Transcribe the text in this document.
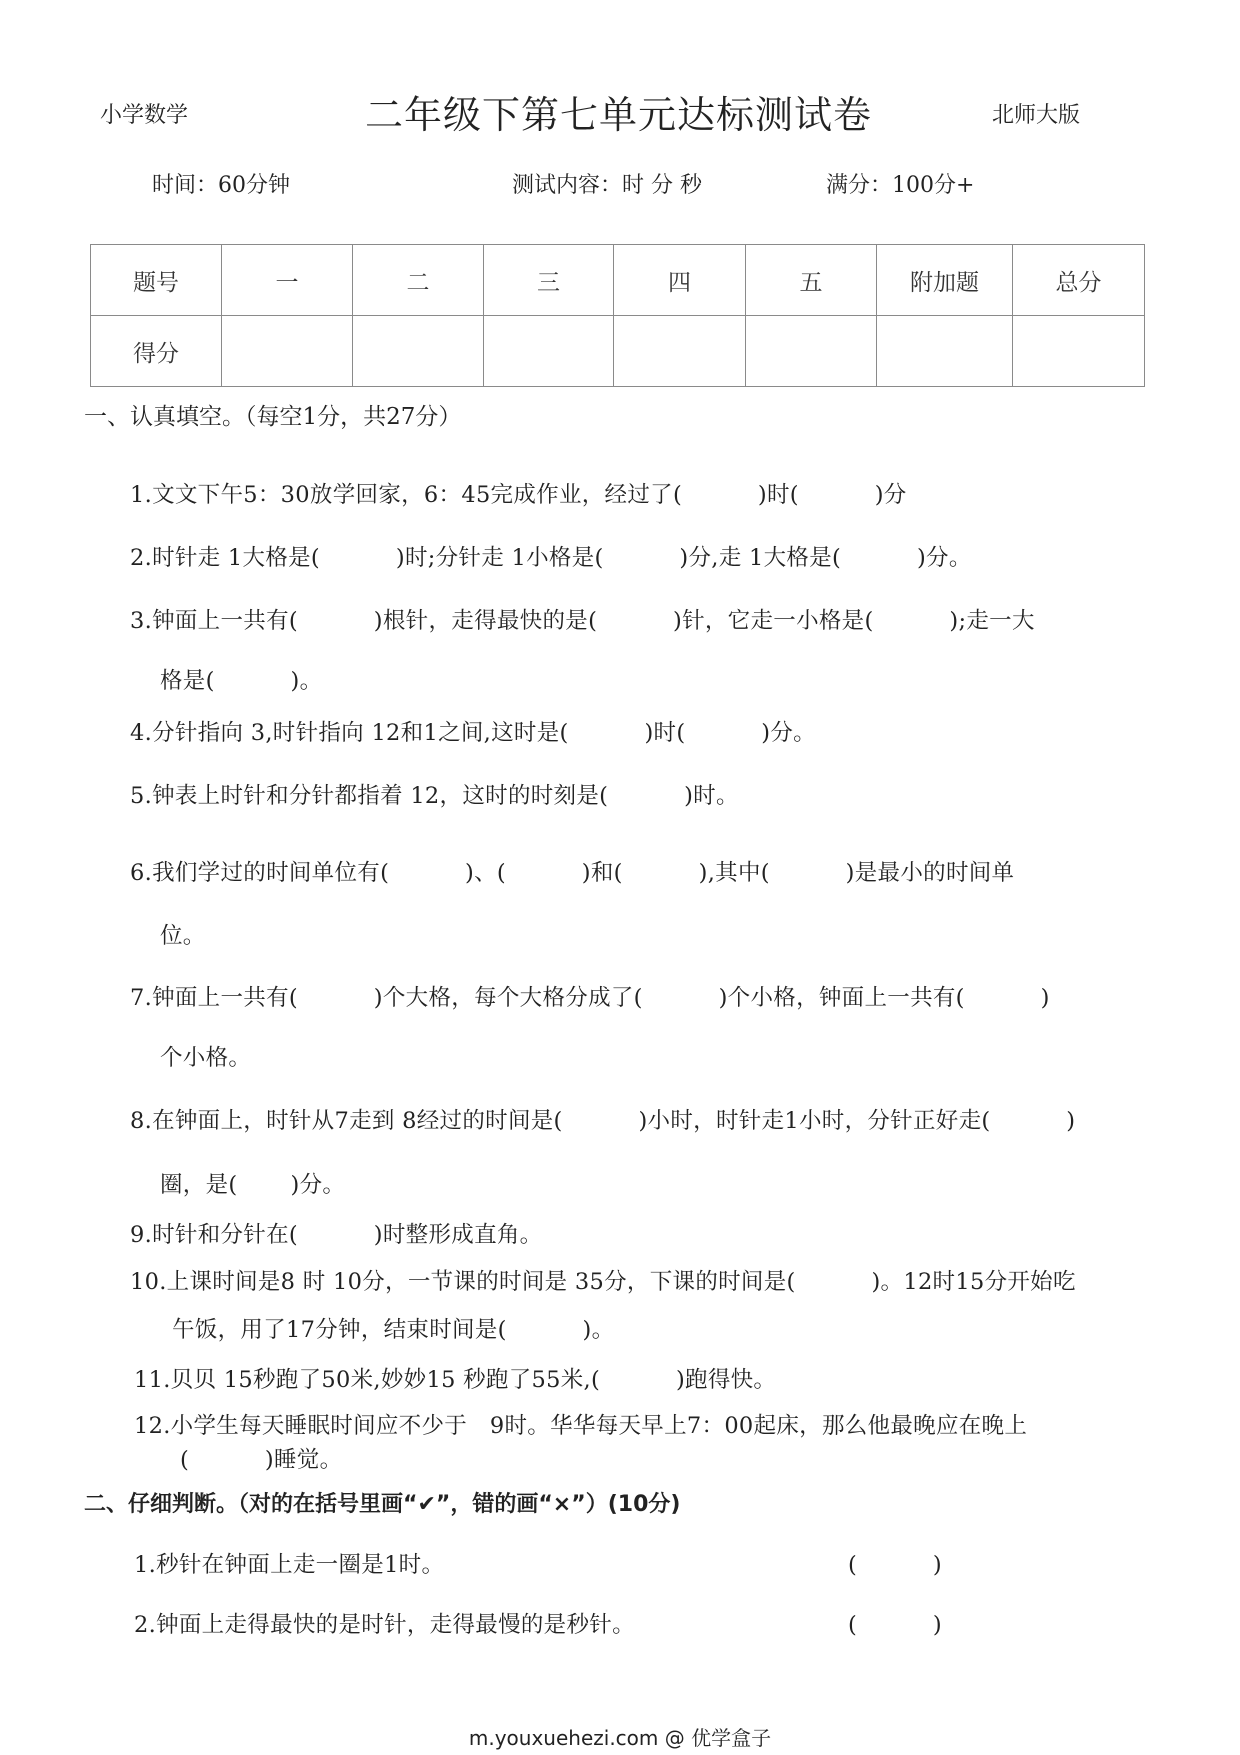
小学数学	二年级下第七单元达标测试卷	北师大版
时间：60分钟	测试内容：时 分 秒	满分：100分+
题号	一	二	三	四	五	附加题	总分
得分							
一、认真填空。（每空1分，共27分）
1.文文下午5：30放学回家，6：45完成作业，经过了(　　　 )时(　　　 )分
2.时针走 1大格是(　　　 )时;分针走 1小格是(　　　 )分,走 1大格是(　　　 )分。
3.钟面上一共有(　　　 )根针，走得最快的是(　　　 )针，它走一小格是(　　　 );走一大
格是(　　　 )。
4.分针指向 3,时针指向 12和1之间,这时是(　　　 )时(　　　 )分。
5.钟表上时针和分针都指着 12，这时的时刻是(　　　 )时。
6.我们学过的时间单位有(　　　 )、(　　　 )和(　　　 ),其中(　　　 )是最小的时间单
位。
7.钟面上一共有(　　　 )个大格，每个大格分成了(　　　 )个小格，钟面上一共有(　　　 )
个小格。
8.在钟面上，时针从7走到 8经过的时间是(　　　 )小时，时针走1小时，分针正好走(　　　 )
圈，是(　　 )分。
9.时针和分针在(　　　 )时整形成直角。
10.上课时间是8 时 10分，一节课的时间是 35分，下课的时间是(　　　 )。12时15分开始吃
午饭，用了17分钟，结束时间是(　　　 )。
11.贝贝 15秒跑了50米,妙妙15 秒跑了55米,(　　　 )跑得快。
12.小学生每天睡眠时间应不少于　9时。华华每天早上7：00起床，那么他最晚应在晚上
(　　　 )睡觉。
二、仔细判断。（对的在括号里画“✔”，错的画“×”）(10分)
1.秒针在钟面上走一圈是1时。	(　　　 )
2.钟面上走得最快的是时针，走得最慢的是秒针。	(　　　 )
m.youxuehezi.com @ 优学盒子
